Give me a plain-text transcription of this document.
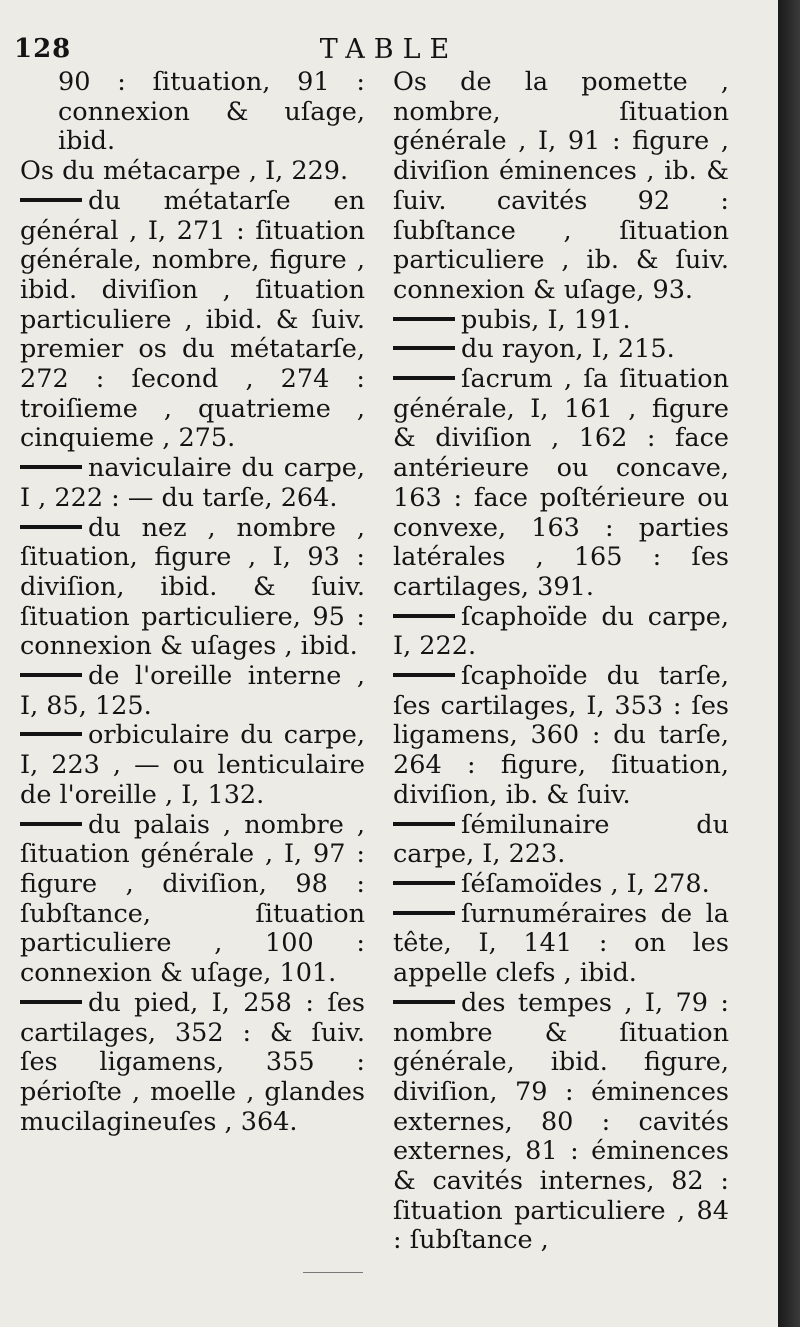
128	TABLE

90 : ſituation, 91 : connexion & uſage, ibid.

Os du métacarpe , I, 229.

du métatarſe en général , I, 271 : ſituation générale, nombre, figure , ibid. diviſion , ſituation particuliere , ibid. & ſuiv. premier os du métatarſe, 272 : ſecond , 274 : troiſieme , quatrieme , cinquieme , 275.

naviculaire du carpe, I , 222 : — du tarſe, 264.

du nez , nombre , ſituation, figure , I, 93 : diviſion, ibid. & ſuiv. ſituation particuliere, 95 : connexion & uſages , ibid.

de l'oreille interne , I, 85, 125.

orbiculaire du carpe, I, 223 , — ou lenticulaire de l'oreille , I, 132.

du palais , nombre , ſituation générale , I, 97 : figure , diviſion, 98 : ſubſtance, ſituation particuliere , 100 : connexion & uſage, 101.

du pied, I, 258 : ſes cartilages, 352 : & ſuiv. ſes ligamens, 355 : périoſte , moelle , glandes mucilagineuſes , 364.

Os de la pomette , nombre, ſituation générale , I, 91 : figure , diviſion éminences , ib. & ſuiv. cavités 92 : ſubſtance , ſituation particuliere , ib. & ſuiv. connexion & uſage, 93.

pubis, I, 191.

du rayon, I, 215.

ſacrum , ſa ſituation générale, I, 161 , figure & diviſion , 162 : face antérieure ou concave, 163 : face poſtérieure ou convexe, 163 : parties latérales , 165 : ſes cartilages, 391.

ſcaphoïde du carpe, I, 222.

ſcaphoïde du tarſe, ſes cartilages, I, 353 : ſes ligamens, 360 : du tarſe, 264 : figure, ſituation, diviſion, ib. & ſuiv.

ſémilunaire du carpe, I, 223.

ſéſamoïdes , I, 278.

ſurnuméraires de la tête, I, 141 : on les appelle clefs , ibid.

des tempes , I, 79 : nombre & ſituation générale, ibid. figure, diviſion, 79 : éminences externes, 80 : cavités externes, 81 : éminences & cavités internes, 82 : ſituation particuliere , 84 : ſubſtance ,
